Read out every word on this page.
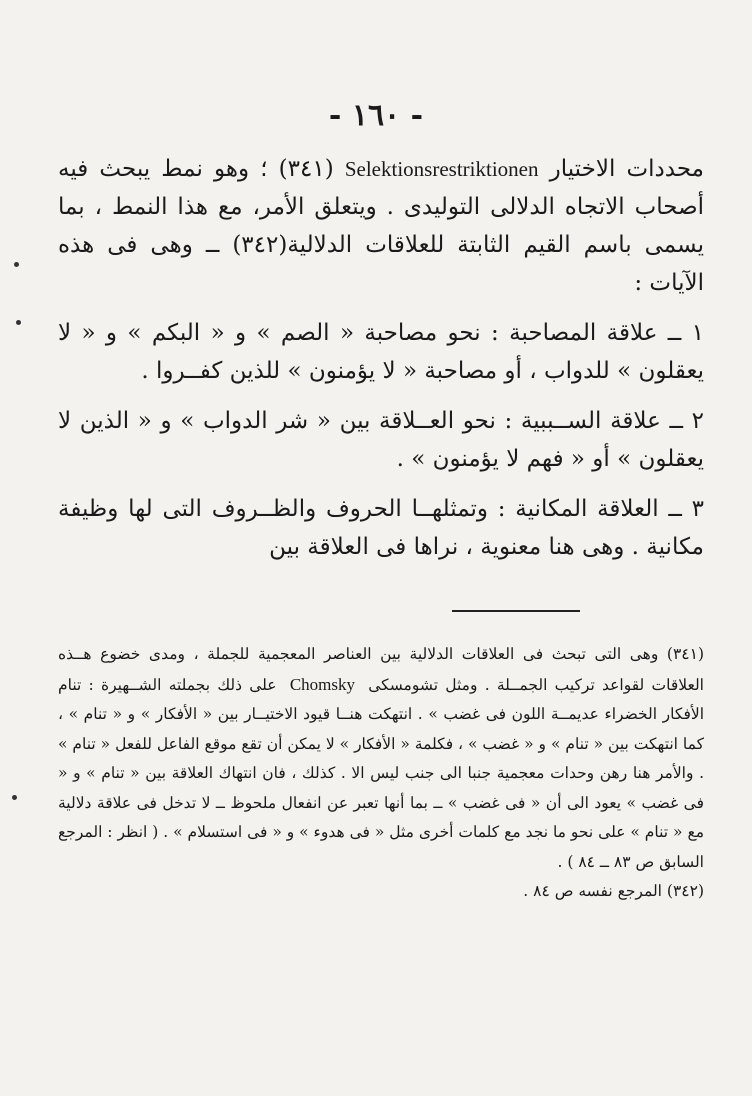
- ١٦٠ -

محددات الاختيار Selektionsrestriktionen (٣٤١) ؛ وهو نمط يبحث فيه أصحاب الاتجاه الدلالى التوليدى . ويتعلق الأمر، مع هذا النمط ، بما يسمى باسم القيم الثابتة للعلاقات الدلالية(٣٤٢) ــ وهى فى هذه الآيات :

١ ــ علاقة المصاحبة : نحو مصاحبة « الصم » و « البكم » و « لا يعقلون » للدواب ، أو مصاحبة « لا يؤمنون » للذين كفــروا .

٢ ــ علاقة الســببية : نحو العــلاقة بين « شر الدواب » و « الذين لا يعقلون » أو « فهم لا يؤمنون » .

٣ ــ العلاقة المكانية : وتمثلهــا الحروف والظــروف التى لها وظيفة مكانية . وهى هنا معنوية ، نراها فى العلاقة بين

(٣٤١) وهى التى تبحث فى العلاقات الدلالية بين العناصر المعجمية للجملة ، ومدى خضوع هــذه العلاقات لقواعد تركيب الجمــلة . ومثل تشومسكى Chomsky على ذلك بجملته الشــهيرة : تنام الأفكار الخضراء عديمــة اللون فى غضب » . انتهكت هنــا قيود الاختيــار بين « الأفكار » و « تنام » ، كما انتهكت بين « تنام » و « غضب » ، فكلمة « الأفكار » لا يمكن أن تقع موقع الفاعل للفعل « تنام » . والأمر هنا رهن وحدات معجمية جنبا الى جنب ليس الا . كذلك ، فان انتهاك العلاقة بين « تنام » و « فى غضب » يعود الى أن « فى غضب » ــ بما أنها تعبر عن انفعال ملحوظ ــ لا تدخل فى علاقة دلالية مع « تنام » على نحو ما نجد مع كلمات أخرى مثل « فى هدوء » و « فى استسلام » . ( انظر : المرجع السابق ص ٨٣ ــ ٨٤ ) .

(٣٤٢) المرجع نفسه ص ٨٤ .
